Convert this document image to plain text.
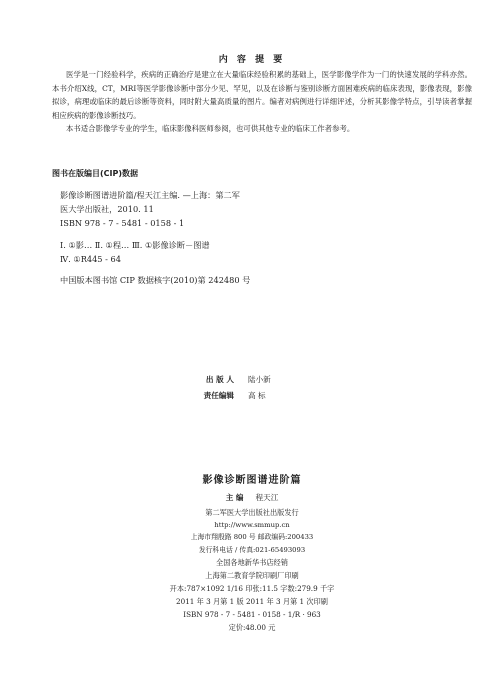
内 容 提 要

医学是一门经验科学，疾病的正确治疗是建立在大量临床经验积累的基础上，医学影像学作为一门的快速发展的学科亦然。本书介绍X线，CT，MRI等医学影像诊断中部分少见、罕见，以及在诊断与鉴别诊断方面困难疾病的临床表现，影像表现，影像拟诊，病理或临床的最后诊断等资料，同时附大量高质量的图片。编者对病例进行详细评述，分析其影像学特点，引导读者掌握相应疾病的影像诊断技巧。

本书适合影像学专业的学生，临床影像科医师参阅，也可供其他专业的临床工作者参考。

图书在版编目(CIP)数据
影像诊断图谱进阶篇/程天江主编. —上海：第二军
医大学出版社，2010. 11
ISBN 978 - 7 - 5481 - 0158 - 1
Ⅰ. ①影… Ⅱ. ①程… Ⅲ. ①影像诊断－图谱
Ⅳ. ①R445 - 64
中国版本图书馆 CIP 数据核字(2010)第 242480 号
出 版 人	陆小新
责任编辑	高 标
影像诊断图谱进阶篇
主 编 程天江
第二军医大学出版社出版发行
http://www.smmup.cn
上海市翔殷路 800 号 邮政编码:200433
发行科电话 / 传真:021-65493093
全国各地新华书店经销
上海第二教育学院印刷厂印刷
开本:787×1092 1/16 印张:11.5 字数:279.9 千字
2011 年 3 月第 1 版 2011 年 3 月第 1 次印刷
ISBN 978 - 7 - 5481 - 0158 - 1/R · 963
定价:48.00 元
